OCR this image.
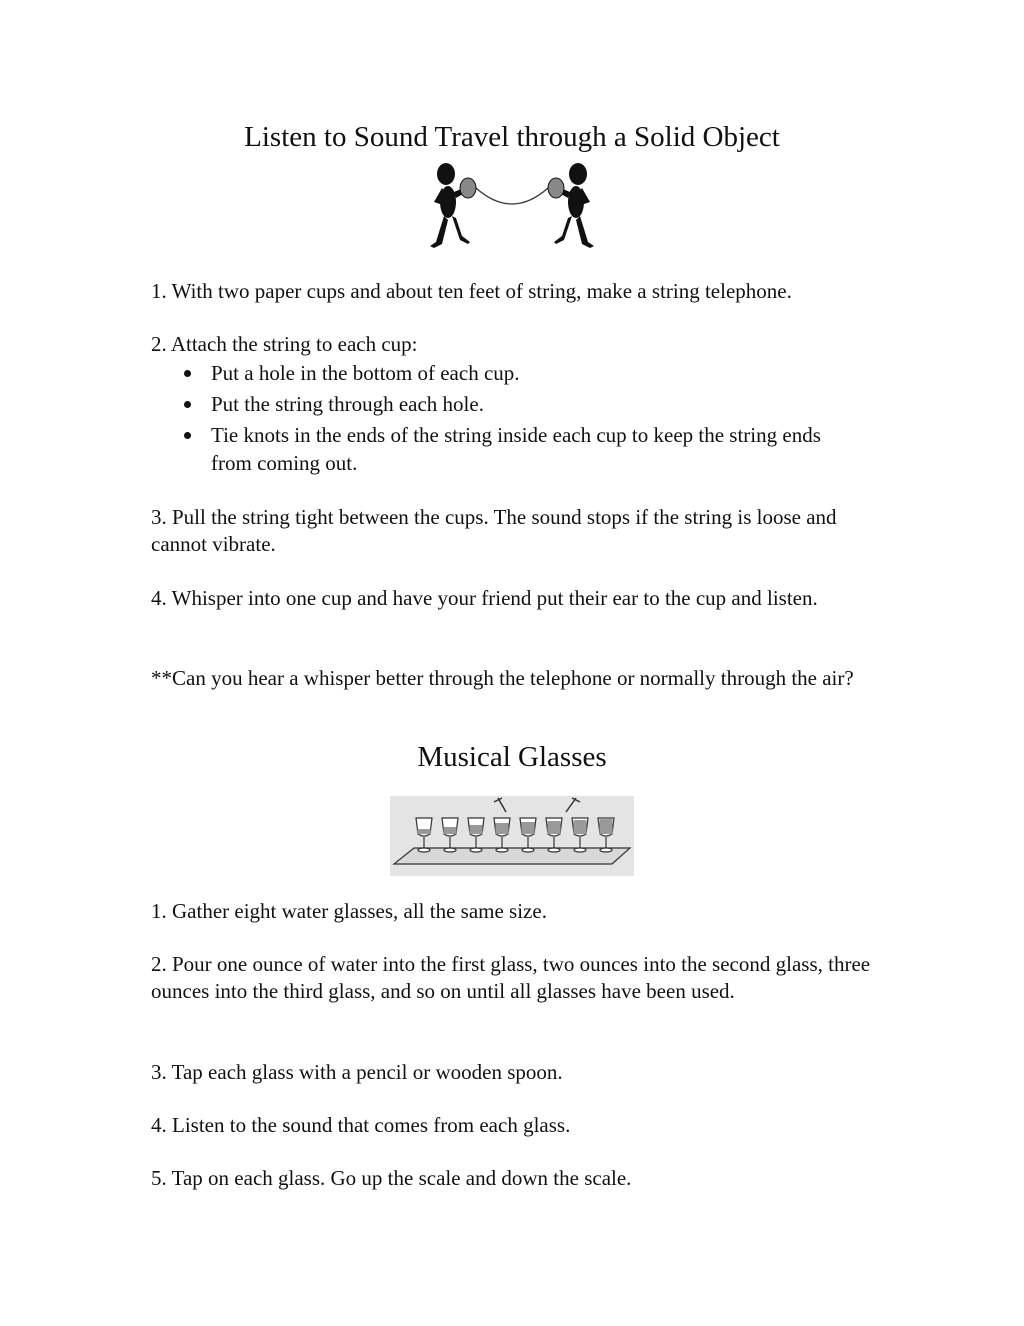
Listen to Sound Travel through a Solid Object

1. With two paper cups and about ten feet of string, make a string telephone.

2. Attach the string to each cup:

Put a hole in the bottom of each cup.
Put the string through each hole.
Tie knots in the ends of the string inside each cup to keep the string ends from coming out.

3. Pull the string tight between the cups. The sound stops if the string is loose and cannot vibrate.

4. Whisper into one cup and have your friend put their ear to the cup and listen.

**Can you hear a whisper better through the telephone or normally through the air?

Musical Glasses

1. Gather eight water glasses, all the same size.

2. Pour one ounce of water into the first glass, two ounces into the second glass, three ounces into the third glass, and so on until all glasses have been used.

3. Tap each glass with a pencil or wooden spoon.

4. Listen to the sound that comes from each glass.

5. Tap on each glass. Go up the scale and down the scale.
